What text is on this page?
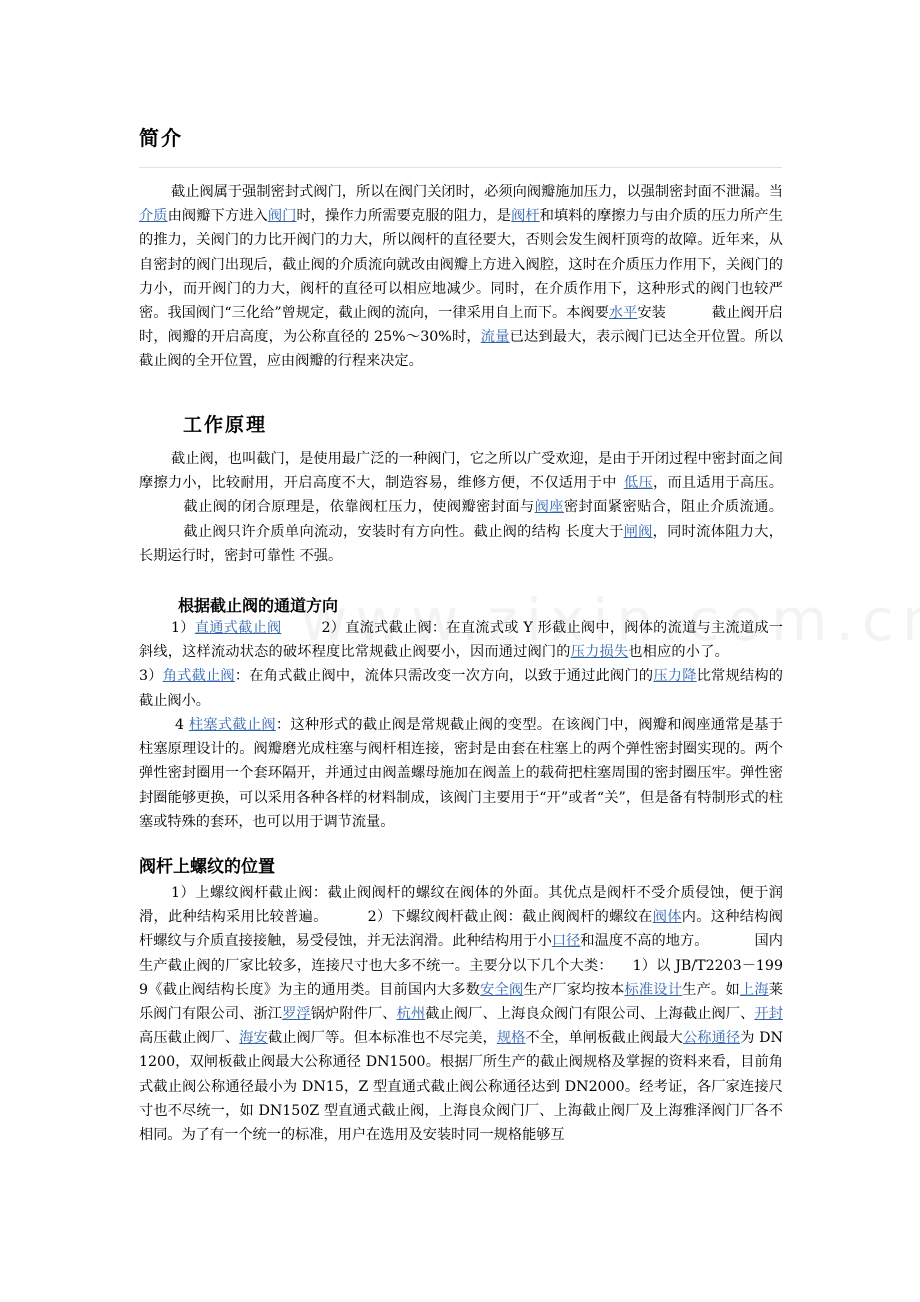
简介

截止阀属于强制密封式阀门，所以在阀门关闭时，必须向阀瓣施加压力，以强制密封面不泄漏。当介质由阀瓣下方进入阀门时，操作力所需要克服的阻力，是阀杆和填料的摩擦力与由介质的压力所产生的推力，关阀门的力比开阀门的力大，所以阀杆的直径要大，否则会发生阀杆顶弯的故障。近年来，从自密封的阀门出现后，截止阀的介质流向就改由阀瓣上方进入阀腔，这时在介质压力作用下，关阀门的力小，而开阀门的力大，阀杆的直径可以相应地减少。同时，在介质作用下，这种形式的阀门也较严密。我国阀门“三化给”曾规定，截止阀的流向，一律采用自上而下。本阀要水平安装	截止阀开启时，阀瓣的开启高度，为公称直径的 25%～30%时，流量已达到最大，表示阀门已达全开位置。所以截止阀的全开位置，应由阀瓣的行程来决定。

工作原理

截止阀，也叫截门，是使用最广泛的一种阀门，它之所以广受欢迎，是由于开闭过程中密封面之间摩擦力小，比较耐用，开启高度不大，制造容易，维修方便，不仅适用于中 低压，而且适用于高压。截止阀的闭合原理是，依靠阀杠压力，使阀瓣密封面与阀座密封面紧密贴合，阻止介质流通。截止阀只许介质单向流动，安装时有方向性。截止阀的结构 长度大于闸阀，同时流体阻力大，长期运行时，密封可靠性 不强。

根据截止阀的通道方向

1）直通式截止阀	2）直流式截止阀：在直流式或 Y 形截止阀中，阀体的流道与主流道成一斜线，这样流动状态的破坏程度比常规截止阀要小，因而通过阀门的压力损失也相应的小了。3）角式截止阀：在角式截止阀中，流体只需改变一次方向，以致于通过此阀门的压力降比常规结构的截止阀小。

4 柱塞式截止阀：这种形式的截止阀是常规截止阀的变型。在该阀门中，阀瓣和阀座通常是基于柱塞原理设计的。阀瓣磨光成柱塞与阀杆相连接，密封是由套在柱塞上的两个弹性密封圈实现的。两个弹性密封圈用一个套环隔开，并通过由阀盖螺母施加在阀盖上的载荷把柱塞周围的密封圈压牢。弹性密封圈能够更换，可以采用各种各样的材料制成，该阀门主要用于“开”或者“关”，但是备有特制形式的柱塞或特殊的套环，也可以用于调节流量。

阀杆上螺纹的位置

1）上螺纹阀杆截止阀：截止阀阀杆的螺纹在阀体的外面。其优点是阀杆不受介质侵蚀，便于润滑，此种结构采用比较普遍。	2）下螺纹阀杆截止阀：截止阀阀杆的螺纹在阀体内。这种结构阀杆螺纹与介质直接接触，易受侵蚀，并无法润滑。此种结构用于小口径和温度不高的地方。	国内生产截止阀的厂家比较多，连接尺寸也大多不统一。主要分以下几个大类： 1）以 JB/T2203－1999《截止阀结构长度》为主的通用类。目前国内大多数安全阀生产厂家均按本标准设计生产。如上海莱乐阀门有限公司、浙江罗浮锅炉附件厂、杭州截止阀厂、上海良众阀门有限公司、上海截止阀厂、开封高压截止阀厂、海安截止阀厂等。但本标准也不尽完美，规格不全，单闸板截止阀最大公称通径为 DN1200，双闸板截止阀最大公称通径 DN1500。根据厂所生产的截止阀规格及掌握的资料来看，目前角式截止阀公称通径最小为 DN15，Z 型直通式截止阀公称通径达到 DN2000。经考证，各厂家连接尺寸也不尽统一，如 DN150Z 型直通式截止阀，上海良众阀门厂、上海截止阀厂及上海雅泽阀门厂各不相同。为了有一个统一的标准，用户在选用及安装时同一规格能够互
